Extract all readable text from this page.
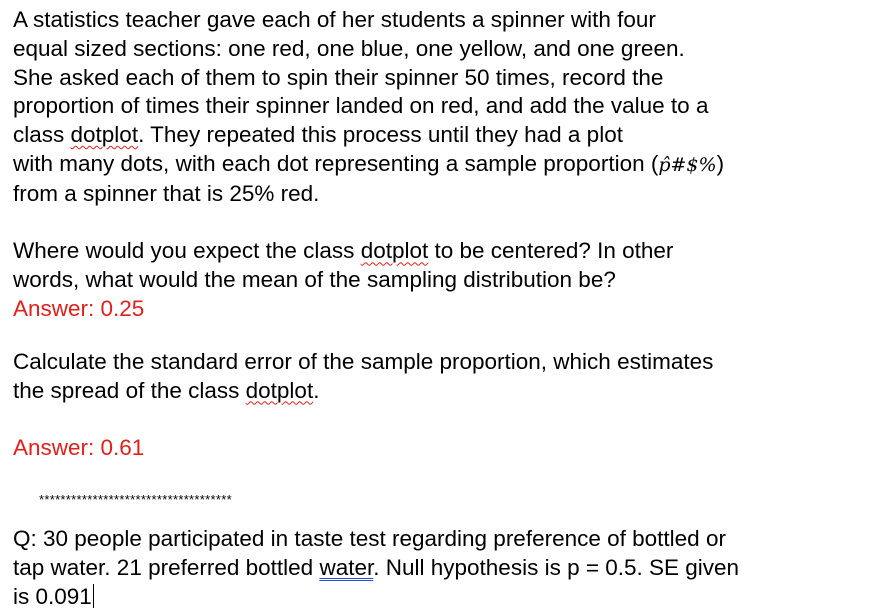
A statistics teacher gave each of her students a spinner with four
equal sized sections: one red, one blue, one yellow, and one green.
She asked each of them to spin their spinner 50 times, record the
proportion of times their spinner landed on red, and add the value to a
class dotplot. They repeated this process until they had a plot
with many dots, with each dot representing a sample proportion (p̂#$%)
from a spinner that is 25% red.
Where would you expect the class dotplot to be centered? In other
words, what would the mean of the sampling distribution be?
Answer: 0.25
Calculate the standard error of the sample proportion, which estimates
the spread of the class dotplot.
Answer: 0.61
************************************
Q: 30 people participated in taste test regarding preference of bottled or
tap water. 21 preferred bottled water. Null hypothesis is p = 0.5. SE given
is 0.091
